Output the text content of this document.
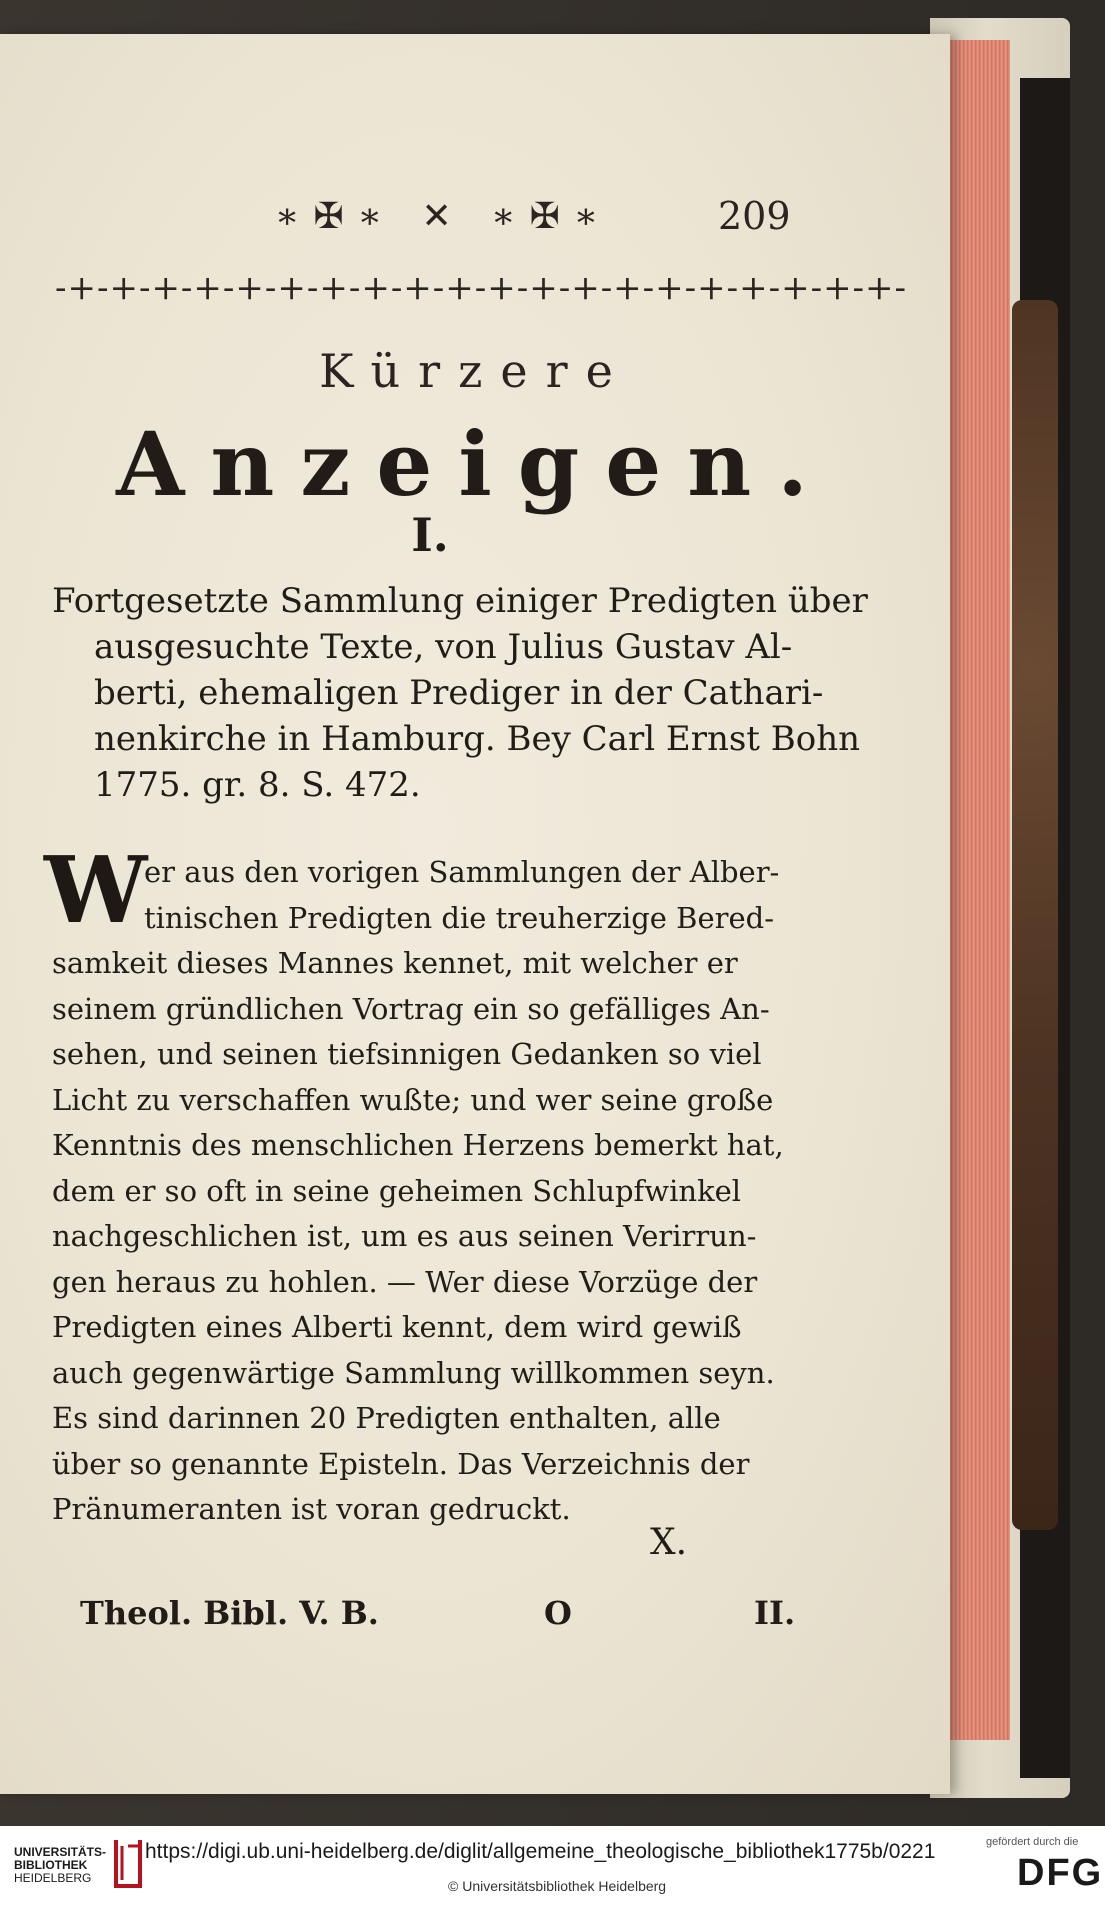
∗✠∗ ✕ ∗✠∗	209
-+-+-+-+-+-+-+-+-+-+-+-+-+-+-+-+-+-+-+-+-
Kürzere
Anzeigen.
I.
Fortgesetzte Sammlung einiger Predigten über
ausgesuchte Texte, von Julius Gustav Al-
berti, ehemaligen Prediger in der Cathari-
nenkirche in Hamburg. Bey Carl Ernst Bohn
1775. gr. 8. S. 472.
W
er aus den vorigen Sammlungen der Alber-
tinischen Predigten die treuherzige Bered-
samkeit dieses Mannes kennet, mit welcher er
seinem gründlichen Vortrag ein so gefälliges An-
sehen, und seinen tiefsinnigen Gedanken so viel
Licht zu verschaffen wußte; und wer seine große
Kenntnis des menschlichen Herzens bemerkt hat,
dem er so oft in seine geheimen Schlupfwinkel
nachgeschlichen ist, um es aus seinen Verirrun-
gen heraus zu hohlen. — Wer diese Vorzüge der
Predigten eines Alberti kennt, dem wird gewiß
auch gegenwärtige Sammlung willkommen seyn.
Es sind darinnen 20 Predigten enthalten, alle
über so genannte Episteln. Das Verzeichnis der
Pränumeranten ist voran gedruckt.
X.
Theol. Bibl. V. B.	O	II.
UNIVERSITÄTS-
BIBLIOTHEK
HEIDELBERG
https://digi.ub.uni-heidelberg.de/diglit/allgemeine_theologische_bibliothek1775b/0221
© Universitätsbibliothek Heidelberg
gefördert durch die
DFG
